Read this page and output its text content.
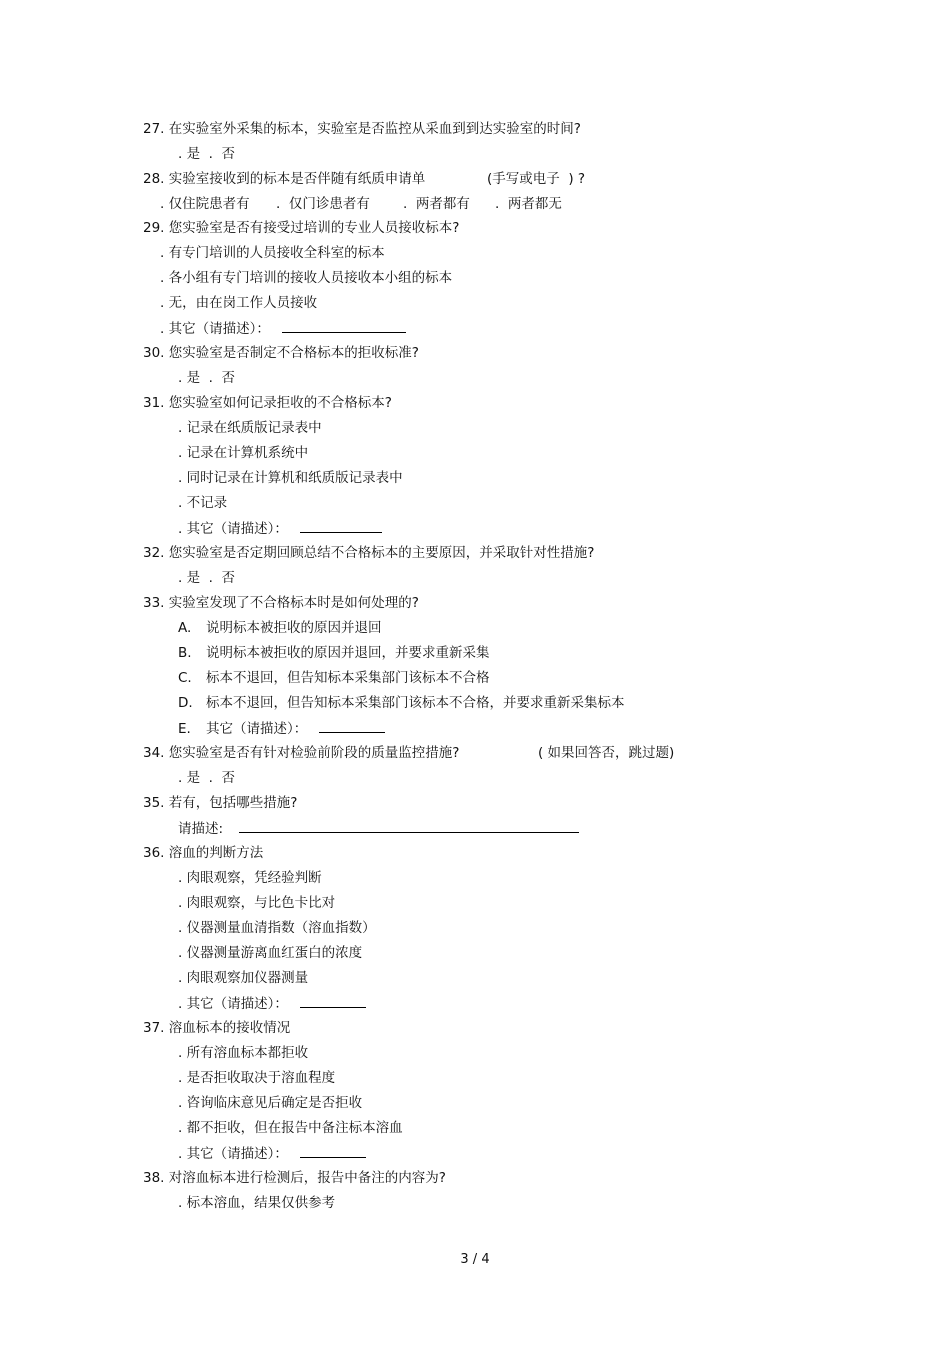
27. 在实验室外采集的标本，实验室是否监控从采血到到达实验室的时间?
. 是  .  否
28. 实验室接收到的标本是否伴随有纸质申请单	(手写或电子  ) ?
. 仅住院患者有 .  仅门诊患者有 .  两者都有 .  两者都无
29. 您实验室是否有接受过培训的专业人员接收标本?
. 有专门培训的人员接收全科室的标本
. 各小组有专门培训的接收人员接收本小组的标本
. 无，由在岗工作人员接收
. 其它（请描述）：
30. 您实验室是否制定不合格标本的拒收标准?
. 是  .  否
31. 您实验室如何记录拒收的不合格标本?
. 记录在纸质版记录表中
. 记录在计算机系统中
. 同时记录在计算机和纸质版记录表中
. 不记录
. 其它（请描述）：
32. 您实验室是否定期回顾总结不合格标本的主要原因，并采取针对性措施?
. 是  .  否
33. 实验室发现了不合格标本时是如何处理的?
A. 说明标本被拒收的原因并退回
B. 说明标本被拒收的原因并退回，并要求重新采集
C. 标本不退回，但告知标本采集部门该标本不合格
D. 标本不退回，但告知标本采集部门该标本不合格，并要求重新采集标本
E. 其它（请描述）：
34. 您实验室是否有针对检验前阶段的质量监控措施?	( 如果回答否，跳过题)
. 是  .  否
35. 若有，包括哪些措施?
请描述:
36. 溶血的判断方法
. 肉眼观察，凭经验判断
. 肉眼观察，与比色卡比对
. 仪器测量血清指数（溶血指数）
. 仪器测量游离血红蛋白的浓度
. 肉眼观察加仪器测量
. 其它（请描述）：
37. 溶血标本的接收情况
. 所有溶血标本都拒收
. 是否拒收取决于溶血程度
. 咨询临床意见后确定是否拒收
. 都不拒收，但在报告中备注标本溶血
. 其它（请描述）：
38. 对溶血标本进行检测后，报告中备注的内容为?
. 标本溶血，结果仅供参考
3 / 4
